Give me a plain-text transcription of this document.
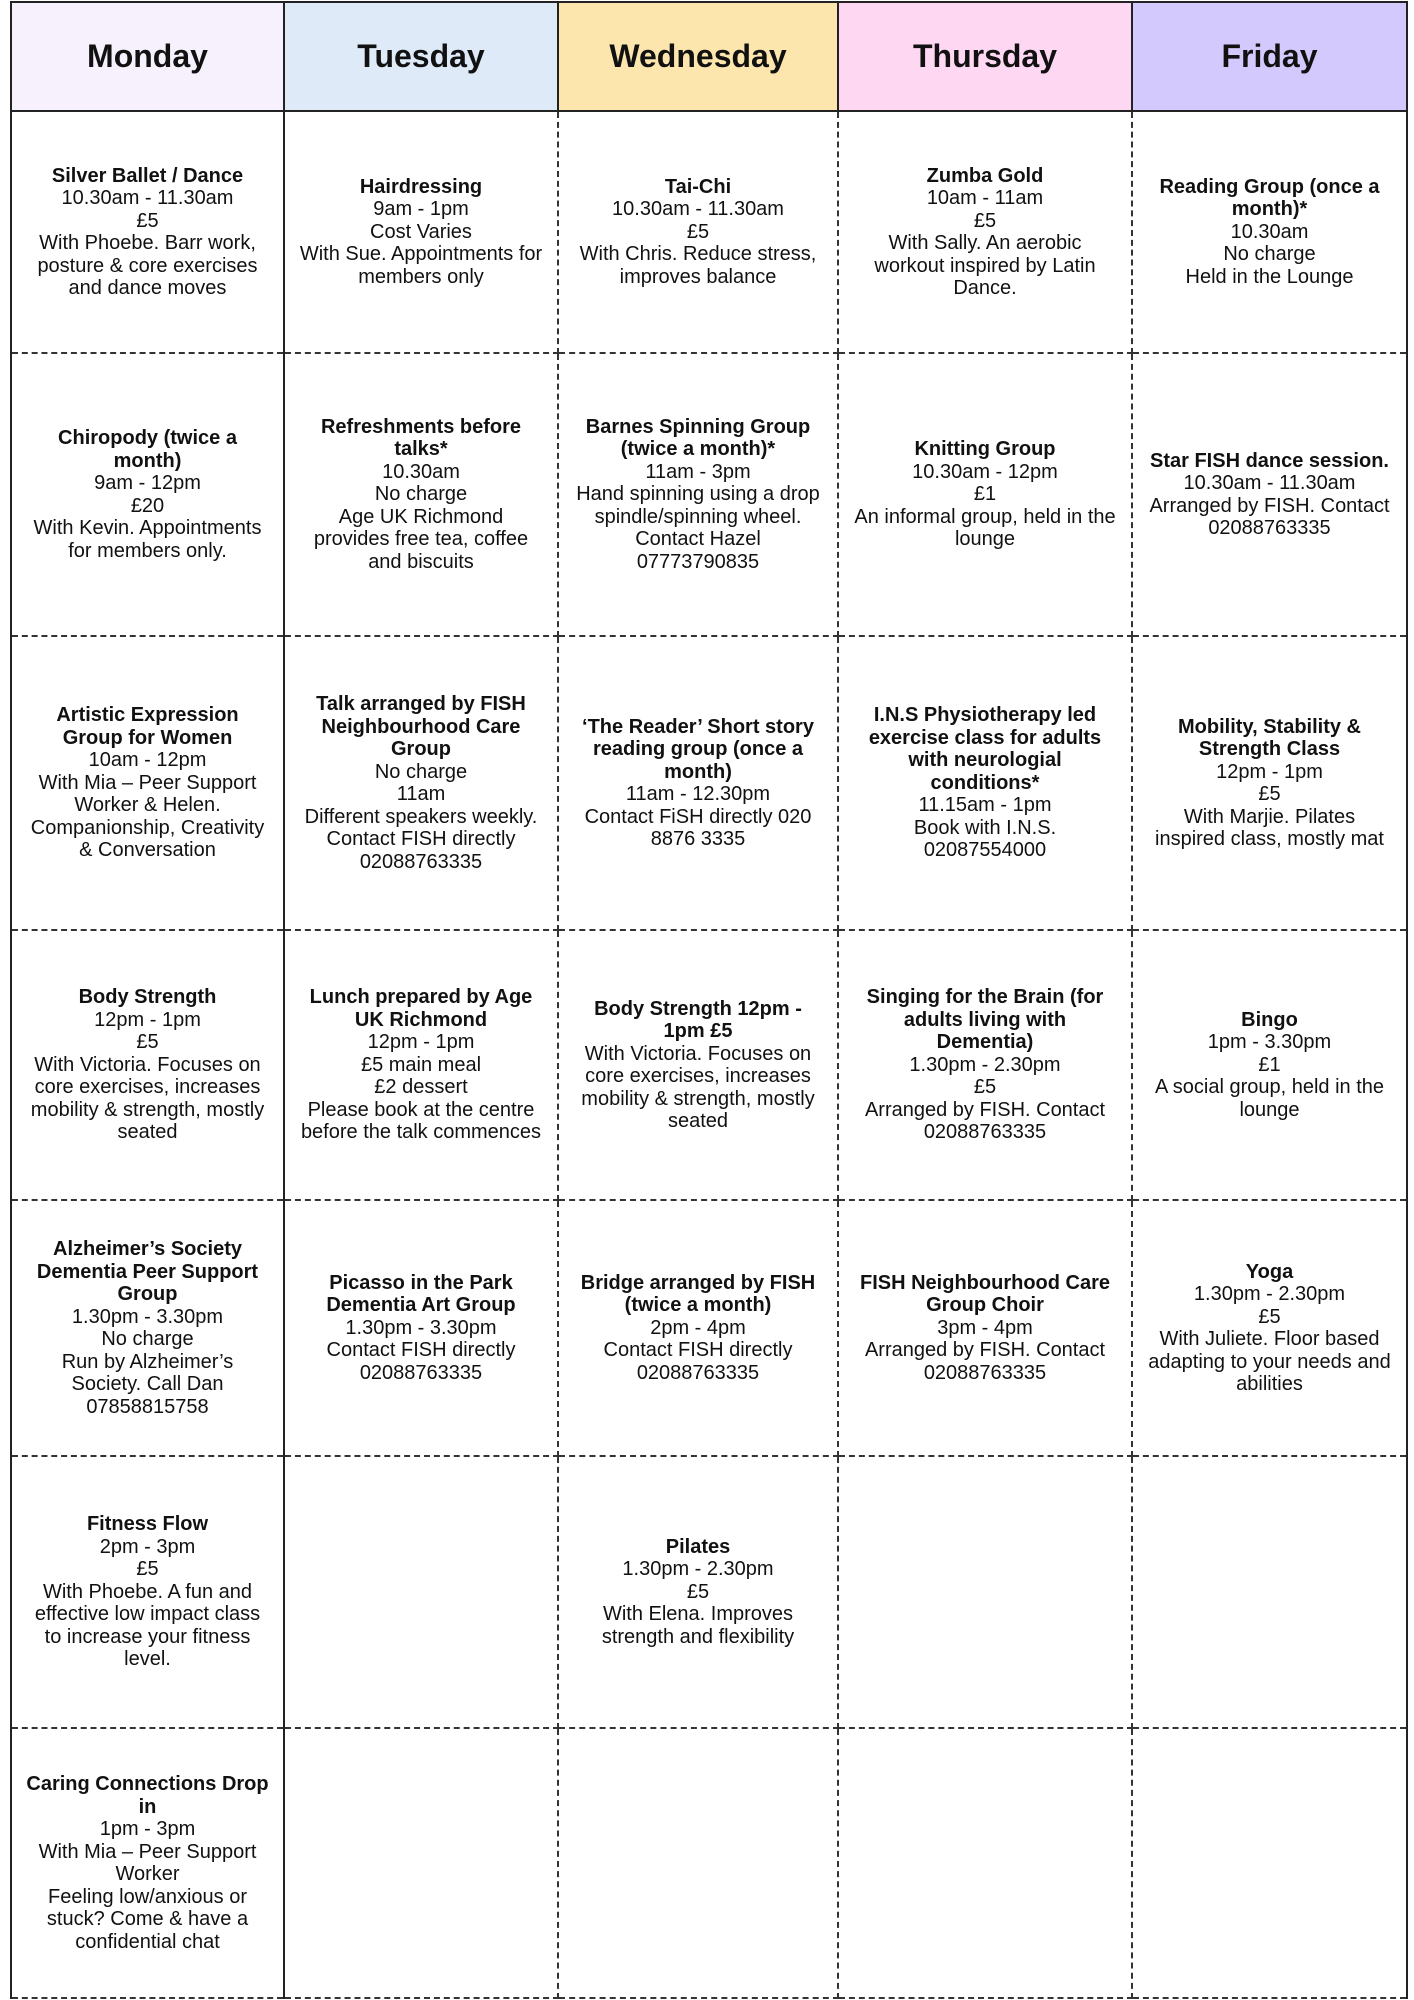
Monday	Tuesday	Wednesday	Thursday	Friday

Silver Ballet / Dance
10.30am - 11.30am
£5
With Phoebe. Barr work, posture & core exercises and dance moves	Hairdressing
9am - 1pm
Cost Varies
With Sue. Appointments for members only	Tai-Chi
10.30am - 11.30am
£5
With Chris. Reduce stress, improves balance	Zumba Gold
10am - 11am
£5
With Sally. An aerobic workout inspired by Latin Dance.	Reading Group (once a month)*
10.30am
No charge
Held in the Lounge

Chiropody (twice a month)
9am - 12pm
£20
With Kevin. Appointments for members only.	Refreshments before talks*
10.30am
No charge
Age UK Richmond provides free tea, coffee and biscuits	Barnes Spinning Group (twice a month)*
11am - 3pm
Hand spinning using a drop spindle/spinning wheel. Contact Hazel 07773790835	Knitting Group
10.30am - 12pm
£1
An informal group, held in the lounge	Star FISH dance session.
10.30am - 11.30am
Arranged by FISH. Contact 02088763335

Artistic Expression Group for Women
10am - 12pm
With Mia – Peer Support Worker & Helen. Companionship, Creativity & Conversation	Talk arranged by FISH Neighbourhood Care Group
No charge
11am
Different speakers weekly. Contact FISH directly 02088763335	‘The Reader’ Short story reading group (once a month)
11am - 12.30pm
Contact FiSH directly 020 8876 3335	I.N.S Physiotherapy led exercise class for adults with neurologial conditions*
11.15am - 1pm
Book with I.N.S. 02087554000	Mobility, Stability & Strength Class
12pm - 1pm
£5
With Marjie. Pilates inspired class, mostly mat

Body Strength
12pm - 1pm
£5
With Victoria. Focuses on core exercises, increases mobility & strength, mostly seated	Lunch prepared by Age UK Richmond
12pm - 1pm
£5 main meal
£2 dessert
Please book at the centre before the talk commences	Body Strength 12pm - 1pm £5
With Victoria. Focuses on core exercises, increases mobility & strength, mostly seated	Singing for the Brain (for adults living with Dementia)
1.30pm - 2.30pm
£5
Arranged by FISH. Contact 02088763335	Bingo
1pm - 3.30pm
£1
A social group, held in the lounge

Alzheimer’s Society Dementia Peer Support Group
1.30pm - 3.30pm
No charge
Run by Alzheimer’s Society. Call Dan 07858815758	Picasso in the Park Dementia Art Group
1.30pm - 3.30pm
Contact FISH directly 02088763335	Bridge arranged by FISH (twice a month)
2pm - 4pm
Contact FISH directly 02088763335	FISH Neighbourhood Care Group Choir
3pm - 4pm
Arranged by FISH. Contact 02088763335	Yoga
1.30pm - 2.30pm
£5
With Juliete. Floor based adapting to your needs and abilities

Fitness Flow
2pm - 3pm
£5
With Phoebe. A fun and effective low impact class to increase your fitness level.		Pilates
1.30pm - 2.30pm
£5
With Elena. Improves strength and flexibility		

Caring Connections Drop in
1pm - 3pm
With Mia – Peer Support Worker
Feeling low/anxious or stuck? Come & have a confidential chat				
